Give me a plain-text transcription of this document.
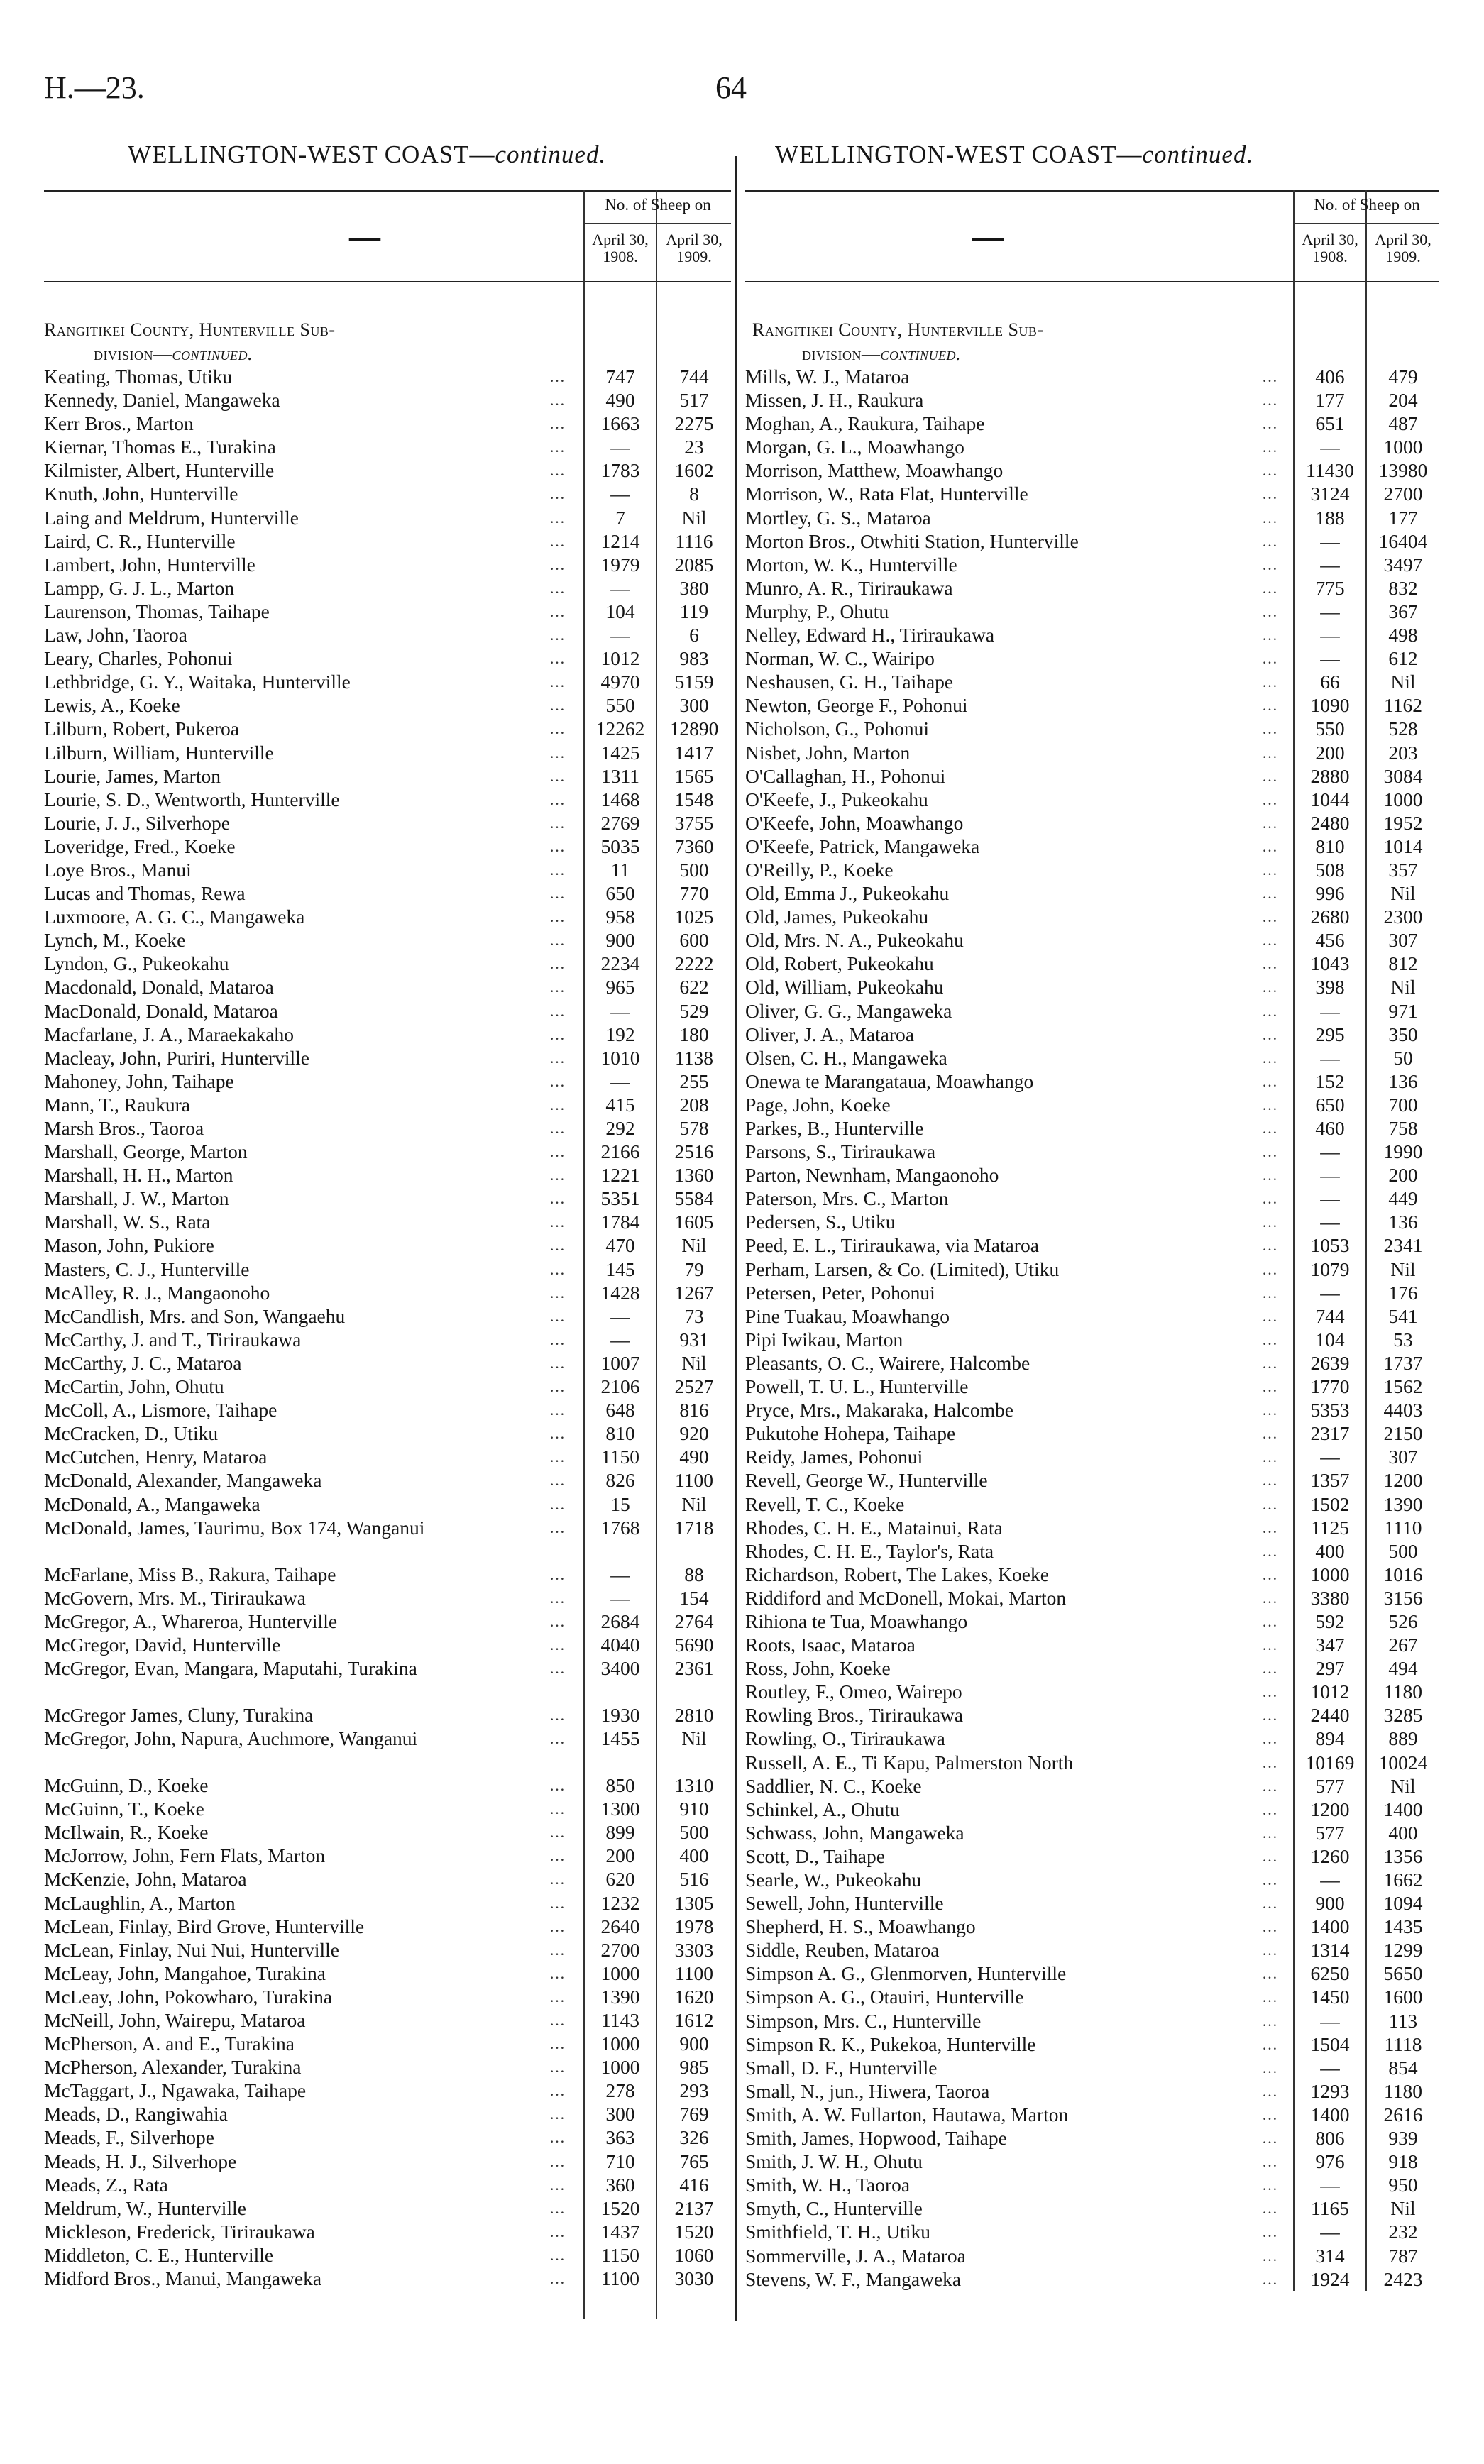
H.—23.	64
WELLINGTON-WEST COAST—continued.	WELLINGTON-WEST COAST—continued.
—
No. of Sheep on
April 30, 1908.
April 30, 1909.
Rangitikei County, Hunterville Sub-
division—continued.
Keating, Thomas, Utiku	…	747	744
Kennedy, Daniel, Mangaweka	…	490	517
Kerr Bros., Marton	…	1663	2275
Kiernar, Thomas E., Turakina	…	—	23
Kilmister, Albert, Hunterville	…	1783	1602
Knuth, John, Hunterville	…	—	8
Laing and Meldrum, Hunterville	…	7	Nil
Laird, C. R., Hunterville	…	1214	1116
Lambert, John, Hunterville	…	1979	2085
Lampp, G. J. L., Marton	…	—	380
Laurenson, Thomas, Taihape	…	104	119
Law, John, Taoroa	…	—	6
Leary, Charles, Pohonui	…	1012	983
Lethbridge, G. Y., Waitaka, Hunterville	…	4970	5159
Lewis, A., Koeke	…	550	300
Lilburn, Robert, Pukeroa	…	12262	12890
Lilburn, William, Hunterville	…	1425	1417
Lourie, James, Marton	…	1311	1565
Lourie, S. D., Wentworth, Hunterville	…	1468	1548
Lourie, J. J., Silverhope	…	2769	3755
Loveridge, Fred., Koeke	…	5035	7360
Loye Bros., Manui	…	11	500
Lucas and Thomas, Rewa	…	650	770
Luxmoore, A. G. C., Mangaweka	…	958	1025
Lynch, M., Koeke	…	900	600
Lyndon, G., Pukeokahu	…	2234	2222
Macdonald, Donald, Mataroa	…	965	622
MacDonald, Donald, Mataroa	…	—	529
Macfarlane, J. A., Maraekakaho	…	192	180
Macleay, John, Puriri, Hunterville	…	1010	1138
Mahoney, John, Taihape	…	—	255
Mann, T., Raukura	…	415	208
Marsh Bros., Taoroa	…	292	578
Marshall, George, Marton	…	2166	2516
Marshall, H. H., Marton	…	1221	1360
Marshall, J. W., Marton	…	5351	5584
Marshall, W. S., Rata	…	1784	1605
Mason, John, Pukiore	…	470	Nil
Masters, C. J., Hunterville	…	145	79
McAlley, R. J., Mangaonoho	…	1428	1267
McCandlish, Mrs. and Son, Wangaehu	…	—	73
McCarthy, J. and T., Tiriraukawa	…	—	931
McCarthy, J. C., Mataroa	…	1007	Nil
McCartin, John, Ohutu	…	2106	2527
McColl, A., Lismore, Taihape	…	648	816
McCracken, D., Utiku	…	810	920
McCutchen, Henry, Mataroa	…	1150	490
McDonald, Alexander, Mangaweka	…	826	1100
McDonald, A., Mangaweka	…	15	Nil
McDonald, James, Taurimu, Box 174, Wanganui	…	1768	1718
McFarlane, Miss B., Rakura, Taihape	…	—	88
McGovern, Mrs. M., Tiriraukawa	…	—	154
McGregor, A., Whareroa, Hunterville	…	2684	2764
McGregor, David, Hunterville	…	4040	5690
McGregor, Evan, Mangara, Maputahi, Turakina	…	3400	2361
McGregor James, Cluny, Turakina	…	1930	2810
McGregor, John, Napura, Auchmore, Wanganui	…	1455	Nil
McGuinn, D., Koeke	…	850	1310
McGuinn, T., Koeke	…	1300	910
McIlwain, R., Koeke	…	899	500
McJorrow, John, Fern Flats, Marton	…	200	400
McKenzie, John, Mataroa	…	620	516
McLaughlin, A., Marton	…	1232	1305
McLean, Finlay, Bird Grove, Hunterville	…	2640	1978
McLean, Finlay, Nui Nui, Hunterville	…	2700	3303
McLeay, John, Mangahoe, Turakina	…	1000	1100
McLeay, John, Pokowharo, Turakina	…	1390	1620
McNeill, John, Wairepu, Mataroa	…	1143	1612
McPherson, A. and E., Turakina	…	1000	900
McPherson, Alexander, Turakina	…	1000	985
McTaggart, J., Ngawaka, Taihape	…	278	293
Meads, D., Rangiwahia	…	300	769
Meads, F., Silverhope	…	363	326
Meads, H. J., Silverhope	…	710	765
Meads, Z., Rata	…	360	416
Meldrum, W., Hunterville	…	1520	2137
Mickleson, Frederick, Tiriraukawa	…	1437	1520
Middleton, C. E., Hunterville	…	1150	1060
Midford Bros., Manui, Mangaweka	…	1100	3030
—
No. of Sheep on
April 30, 1908.
April 30, 1909.
Rangitikei County, Hunterville Sub-
division—continued.
Mills, W. J., Mataroa	…	406	479
Missen, J. H., Raukura	…	177	204
Moghan, A., Raukura, Taihape	…	651	487
Morgan, G. L., Moawhango	…	—	1000
Morrison, Matthew, Moawhango	…	11430	13980
Morrison, W., Rata Flat, Hunterville	…	3124	2700
Mortley, G. S., Mataroa	…	188	177
Morton Bros., Otwhiti Station, Hunterville	…	—	16404
Morton, W. K., Hunterville	…	—	3497
Munro, A. R., Tiriraukawa	…	775	832
Murphy, P., Ohutu	…	—	367
Nelley, Edward H., Tiriraukawa	…	—	498
Norman, W. C., Wairipo	…	—	612
Neshausen, G. H., Taihape	…	66	Nil
Newton, George F., Pohonui	…	1090	1162
Nicholson, G., Pohonui	…	550	528
Nisbet, John, Marton	…	200	203
O'Callaghan, H., Pohonui	…	2880	3084
O'Keefe, J., Pukeokahu	…	1044	1000
O'Keefe, John, Moawhango	…	2480	1952
O'Keefe, Patrick, Mangaweka	…	810	1014
O'Reilly, P., Koeke	…	508	357
Old, Emma J., Pukeokahu	…	996	Nil
Old, James, Pukeokahu	…	2680	2300
Old, Mrs. N. A., Pukeokahu	…	456	307
Old, Robert, Pukeokahu	…	1043	812
Old, William, Pukeokahu	…	398	Nil
Oliver, G. G., Mangaweka	…	—	971
Oliver, J. A., Mataroa	…	295	350
Olsen, C. H., Mangaweka	…	—	50
Onewa te Marangataua, Moawhango	…	152	136
Page, John, Koeke	…	650	700
Parkes, B., Hunterville	…	460	758
Parsons, S., Tiriraukawa	…	—	1990
Parton, Newnham, Mangaonoho	…	—	200
Paterson, Mrs. C., Marton	…	—	449
Pedersen, S., Utiku	…	—	136
Peed, E. L., Tiriraukawa, via Mataroa	…	1053	2341
Perham, Larsen, & Co. (Limited), Utiku	…	1079	Nil
Petersen, Peter, Pohonui	…	—	176
Pine Tuakau, Moawhango	…	744	541
Pipi Iwikau, Marton	…	104	53
Pleasants, O. C., Wairere, Halcombe	…	2639	1737
Powell, T. U. L., Hunterville	…	1770	1562
Pryce, Mrs., Makaraka, Halcombe	…	5353	4403
Pukutohe Hohepa, Taihape	…	2317	2150
Reidy, James, Pohonui	…	—	307
Revell, George W., Hunterville	…	1357	1200
Revell, T. C., Koeke	…	1502	1390
Rhodes, C. H. E., Matainui, Rata	…	1125	1110
Rhodes, C. H. E., Taylor's, Rata	…	400	500
Richardson, Robert, The Lakes, Koeke	…	1000	1016
Riddiford and McDonell, Mokai, Marton	…	3380	3156
Rihiona te Tua, Moawhango	…	592	526
Roots, Isaac, Mataroa	…	347	267
Ross, John, Koeke	…	297	494
Routley, F., Omeo, Wairepo	…	1012	1180
Rowling Bros., Tiriraukawa	…	2440	3285
Rowling, O., Tiriraukawa	…	894	889
Russell, A. E., Ti Kapu, Palmerston North	…	10169	10024
Saddlier, N. C., Koeke	…	577	Nil
Schinkel, A., Ohutu	…	1200	1400
Schwass, John, Mangaweka	…	577	400
Scott, D., Taihape	…	1260	1356
Searle, W., Pukeokahu	…	—	1662
Sewell, John, Hunterville	…	900	1094
Shepherd, H. S., Moawhango	…	1400	1435
Siddle, Reuben, Mataroa	…	1314	1299
Simpson A. G., Glenmorven, Hunterville	…	6250	5650
Simpson A. G., Otauiri, Hunterville	…	1450	1600
Simpson, Mrs. C., Hunterville	…	—	113
Simpson R. K., Pukekoa, Hunterville	…	1504	1118
Small, D. F., Hunterville	…	—	854
Small, N., jun., Hiwera, Taoroa	…	1293	1180
Smith, A. W. Fullarton, Hautawa, Marton	…	1400	2616
Smith, James, Hopwood, Taihape	…	806	939
Smith, J. W. H., Ohutu	…	976	918
Smith, W. H., Taoroa	…	—	950
Smyth, C., Hunterville	…	1165	Nil
Smithfield, T. H., Utiku	…	—	232
Sommerville, J. A., Mataroa	…	314	787
Stevens, W. F., Mangaweka	…	1924	2423
